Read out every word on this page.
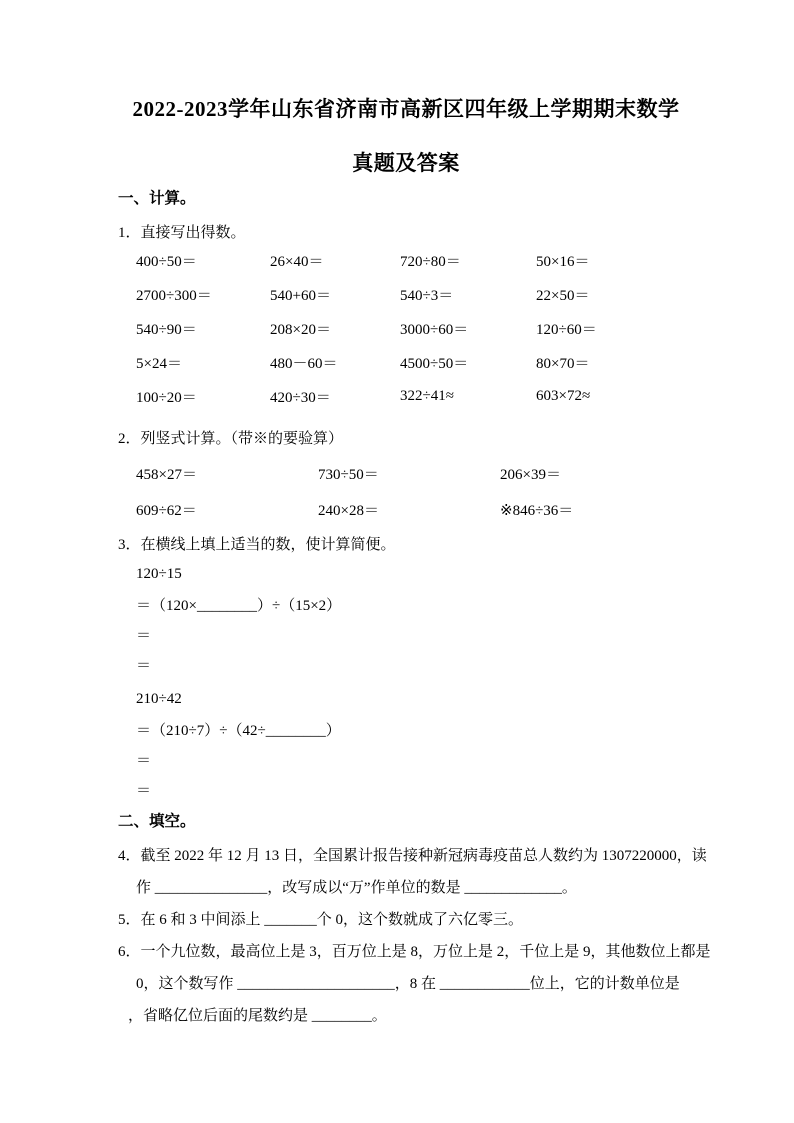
2022-2023学年山东省济南市高新区四年级上学期期末数学
真题及答案
一、计算。
1．直接写出得数。
400÷50＝	26×40＝	720÷80＝	50×16＝
2700÷300＝	540+60＝	540÷3＝	22×50＝
540÷90＝	208×20＝	3000÷60＝	120÷60＝
5×24＝	480－60＝	4500÷50＝	80×70＝
100÷20＝	420÷30＝	322÷41≈	603×72≈
2．列竖式计算。（带※的要验算）
458×27＝	730÷50＝	206×39＝
609÷62＝	240×28＝	※846÷36＝
3．在横线上填上适当的数，使计算简便。
120÷15
＝（120×________）÷（15×2）
＝
＝
210÷42
＝（210÷7）÷（42÷________）
＝
＝
二、填空。
4．截至 2022 年 12 月 13 日，全国累计报告接种新冠病毒疫苗总人数约为 1307220000，读
作 _______________，改写成以“万”作单位的数是 _____________。
5．在 6 和 3 中间添上 _______个 0，这个数就成了六亿零三。
6．一个九位数，最高位上是 3，百万位上是 8，万位上是 2，千位上是 9，其他数位上都是
0，这个数写作 _____________________，8 在 ____________位上，它的计数单位是
，省略亿位后面的尾数约是 ________。
